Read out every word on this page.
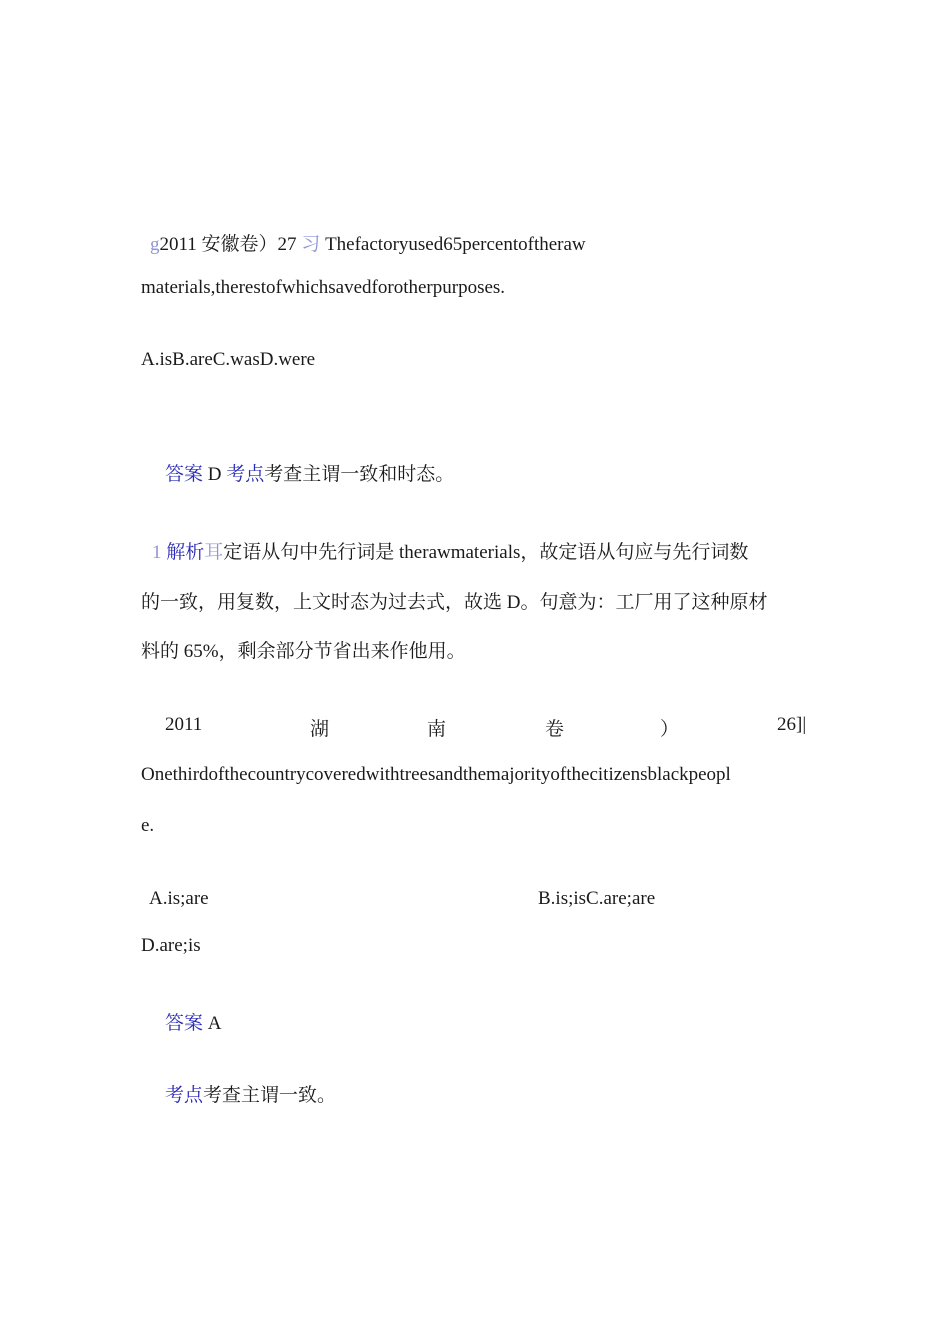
g2011 安徽卷）27 习 Thefactoryused65percentoftheraw
materials,therestofwhichsavedforotherpurposes.
A.isB.areC.wasD.were
答案 D 考点考查主谓一致和时态。
1 解析耳定语从句中先行词是 therawmaterials，故定语从句应与先行词数
的一致，用复数，上文时态为过去式，故选 D。句意为：工厂用了这种原材
料的 65%，剩余部分节省出来作他用。
2011	湖	南	卷	）	26]|
Onethirdofthecountrycoveredwithtreesandthemajorityofthecitizensblackpeopl
e.
A.is;are	B.is;isC.are;are
D.are;is
答案 A
考点考查主谓一致。
